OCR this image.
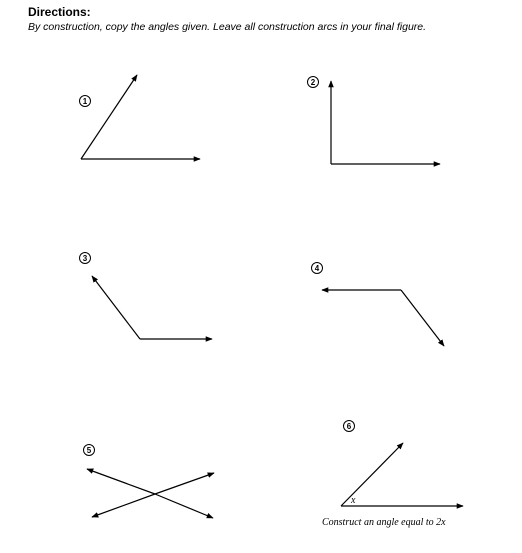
Directions:

By construction, copy the angles given. Leave all construction arcs in your final figure.

1
2
3
4
5
6
x
Construct an angle equal to 2x
